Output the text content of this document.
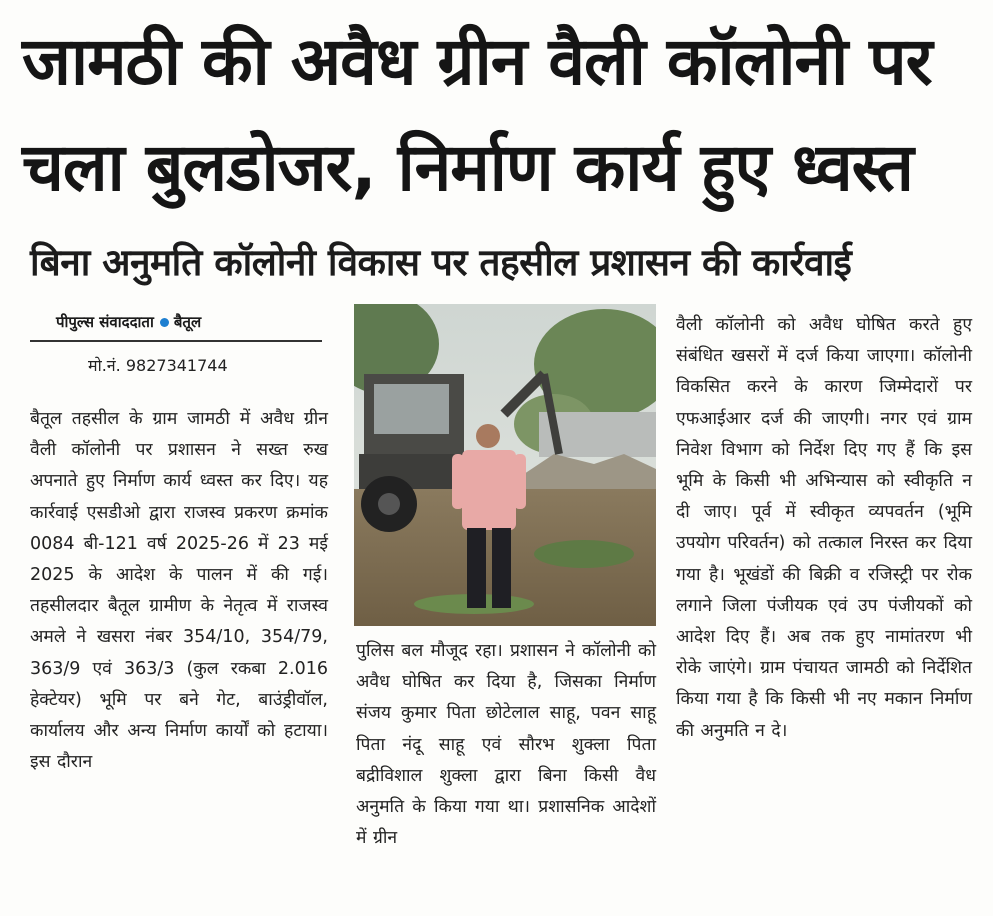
जामठी की अवैध ग्रीन वैली कॉलोनी पर
चला बुलडोजर, निर्माण कार्य हुए ध्वस्त
बिना अनुमति कॉलोनी विकास पर तहसील प्रशासन की कार्रवाई
पीपुल्स संवाददाता बैतूल
मो.नं. 9827341744
बैतूल तहसील के ग्राम जामठी में अवैध ग्रीन वैली कॉलोनी पर प्रशासन ने सख्त रुख अपनाते हुए निर्माण कार्य ध्वस्त कर दिए। यह कार्रवाई एसडीओ द्वारा राजस्व प्रकरण क्रमांक 0084 बी-121 वर्ष 2025-26 में 23 मई 2025 के आदेश के पालन में की गई। तहसीलदार बैतूल ग्रामीण के नेतृत्व में राजस्व अमले ने खसरा नंबर 354/10, 354/79, 363/9 एवं 363/3 (कुल रकबा 2.016 हेक्टेयर) भूमि पर बने गेट, बाउंड्रीवॉल, कार्यालय और अन्य निर्माण कार्यों को हटाया। इस दौरान
पुलिस बल मौजूद रहा। प्रशासन ने कॉलोनी को अवैध घोषित कर दिया है, जिसका निर्माण संजय कुमार पिता छोटेलाल साहू, पवन साहू पिता नंदू साहू एवं सौरभ शुक्ला पिता बद्रीविशाल शुक्ला द्वारा बिना किसी वैध अनुमति के किया गया था। प्रशासनिक आदेशों में ग्रीन
वैली कॉलोनी को अवैध घोषित करते हुए संबंधित खसरों में दर्ज किया जाएगा। कॉलोनी विकसित करने के कारण जिम्मेदारों पर एफआईआर दर्ज की जाएगी। नगर एवं ग्राम निवेश विभाग को निर्देश दिए गए हैं कि इस भूमि के किसी भी अभिन्यास को स्वीकृति न दी जाए। पूर्व में स्वीकृत व्यपवर्तन (भूमि उपयोग परिवर्तन) को तत्काल निरस्त कर दिया गया है। भूखंडों की बिक्री व रजिस्ट्री पर रोक लगाने जिला पंजीयक एवं उप पंजीयकों को आदेश दिए हैं। अब तक हुए नामांतरण भी रोके जाएंगे। ग्राम पंचायत जामठी को निर्देशित किया गया है कि किसी भी नए मकान निर्माण की अनुमति न दे।
